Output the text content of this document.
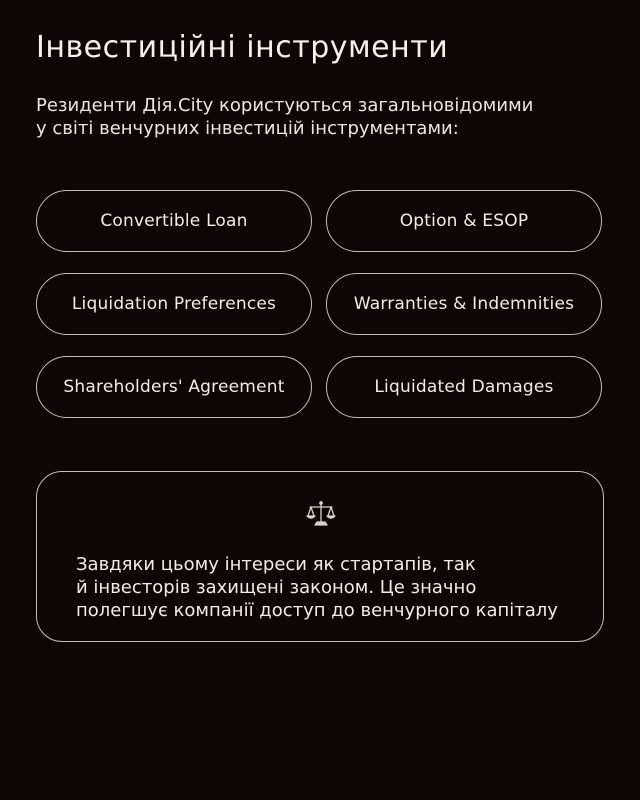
Інвестиційні інструменти
Резиденти Дія.City користуються загальновідомими
у світі венчурних інвестицій інструментами:
Convertible Loan	Option & ESOP
Liquidation Preferences	Warranties & Indemnities
Shareholders' Agreement	Liquidated Damages
Завдяки цьому інтереси як стартапів, так
й інвесторів захищені законом. Це значно
полегшує компанії доступ до венчурного капіталу
